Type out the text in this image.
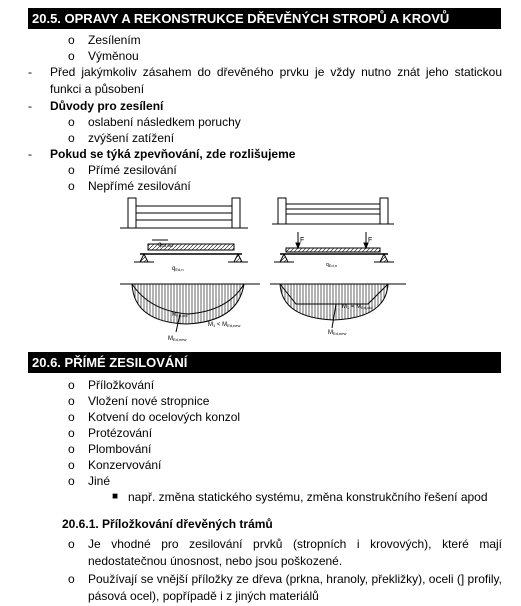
20.5. OPRAVY A REKONSTRUKCE DŘEVĚNÝCH STROPŮ A KROVŮ
o Zesílením
o Výměnou
- Před jakýmkoliv zásahem do dřevěného prvku je vždy nutno znát jeho statickou
funkci a působení
- Důvody pro zesílení
o oslabení následkem poruchy
o zvýšení zatížení
- Pokud se týká zpevňování, zde rozlišujeme
o Přímé zesilování
o Nepřímé zesilování
qEd,old
qEd,n
F	F
$q_{Ed,n}$
$M_{Ed,old}$
M1 < MEd,new
MEd,new
M1 = MEd,old
MEd,new
20.6. PŘÍMÉ ZESILOVÁNÍ
o Příložkování
o Vložení nové stropnice
o Kotvení do ocelových konzol
o Protézování
o Plombování
o Konzervování
o Jiné
■ např. změna statického systému, změna konstrukčního řešení apod
20.6.1. Příložkování dřevěných trámů
o Je vhodné pro zesilování prvků (stropních i krovových), které mají
nedostatečnou únosnost, nebo jsou poškozené.
o Používají se vnější příložky ze dřeva (prkna, hranoly, překližky), oceli (] profily,
pásová ocel), popřípadě i z jiných materiálů
